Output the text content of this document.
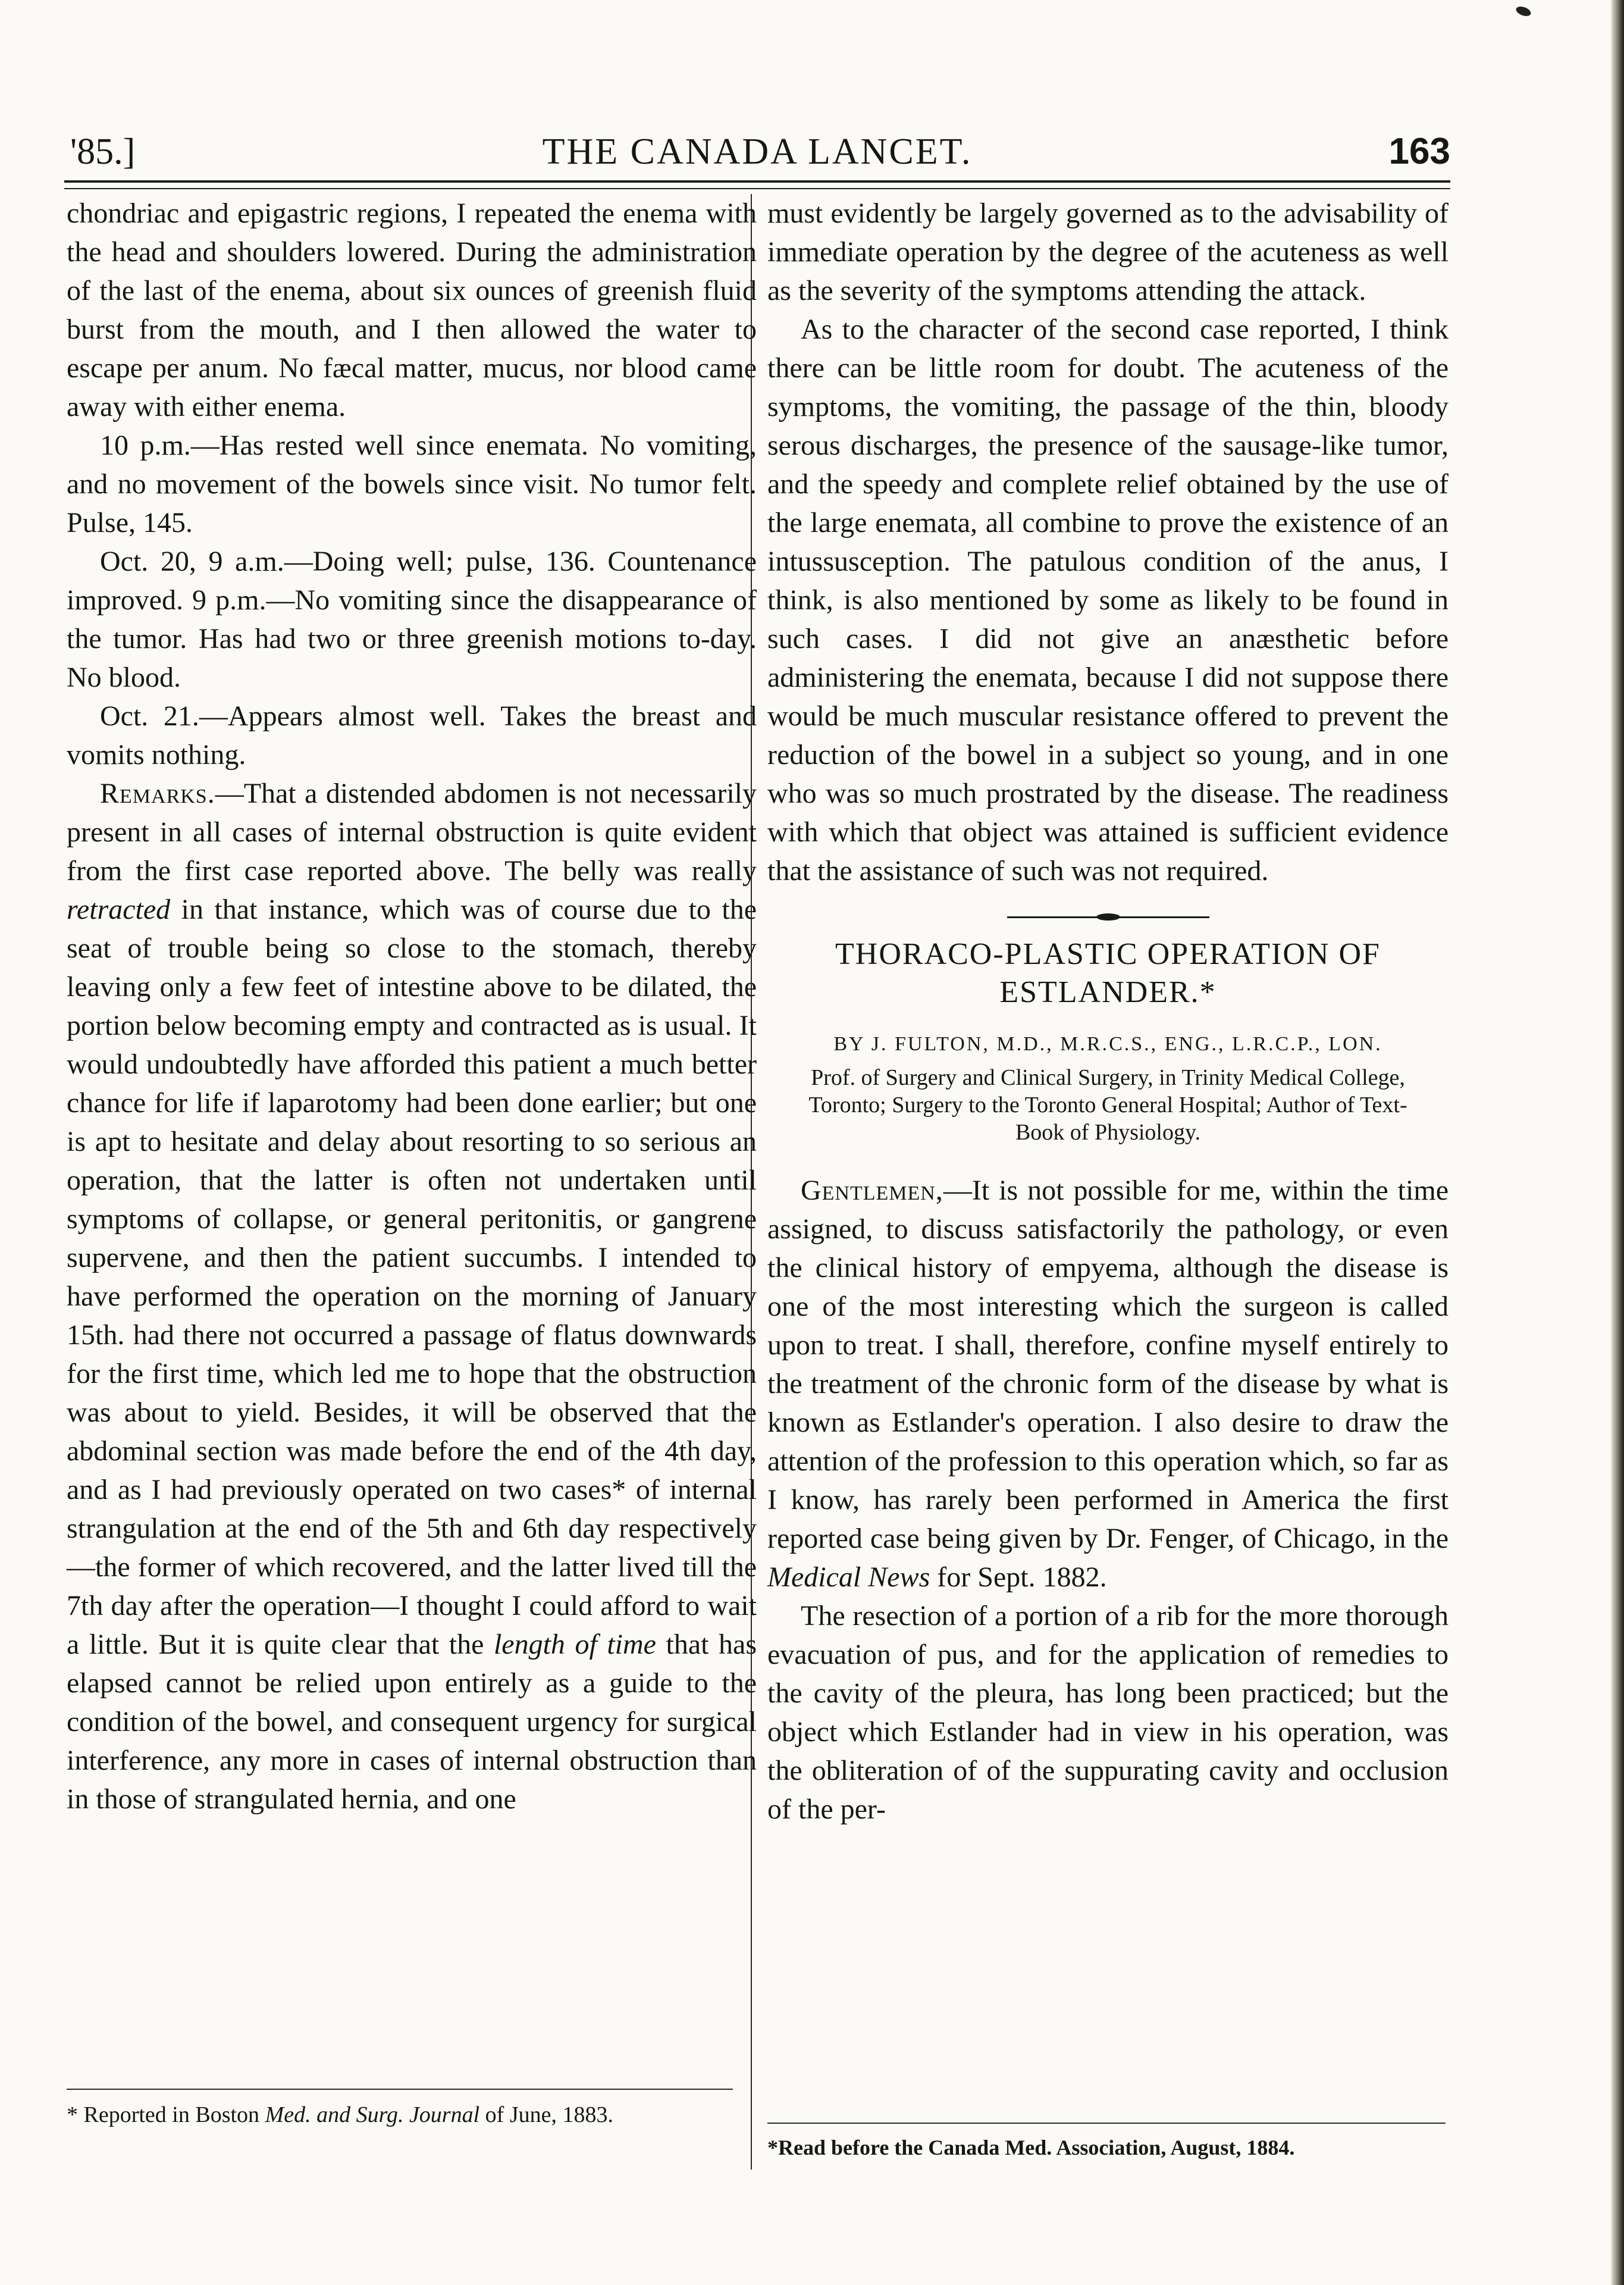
'85.]	THE CANADA LANCET.	163

chondriac and epigastric regions, I repeated the enema with the head and shoulders lowered. During the administration of the last of the enema, about six ounces of greenish fluid burst from the mouth, and I then allowed the water to escape per anum. No fæcal matter, mucus, nor blood came away with either enema.

10 p.m.—Has rested well since enemata. No vomiting, and no movement of the bowels since visit. No tumor felt. Pulse, 145.

Oct. 20, 9 a.m.—Doing well; pulse, 136. Countenance improved. 9 p.m.—No vomiting since the disappearance of the tumor. Has had two or three greenish motions to-day. No blood.

Oct. 21.—Appears almost well. Takes the breast and vomits nothing.

Remarks.—That a distended abdomen is not necessarily present in all cases of internal obstruction is quite evident from the first case reported above. The belly was really retracted in that instance, which was of course due to the seat of trouble being so close to the stomach, thereby leaving only a few feet of intestine above to be dilated, the portion below becoming empty and contracted as is usual. It would undoubtedly have afforded this patient a much better chance for life if laparotomy had been done earlier; but one is apt to hesitate and delay about resorting to so serious an operation, that the latter is often not undertaken until symptoms of collapse, or general peritonitis, or gangrene supervene, and then the patient succumbs. I intended to have performed the operation on the morning of January 15th. had there not occurred a passage of flatus downwards for the first time, which led me to hope that the obstruction was about to yield. Besides, it will be observed that the abdominal section was made before the end of the 4th day, and as I had previously operated on two cases* of internal strangulation at the end of the 5th and 6th day respectively—the former of which recovered, and the latter lived till the 7th day after the operation—I thought I could afford to wait a little. But it is quite clear that the length of time that has elapsed cannot be relied upon entirely as a guide to the condition of the bowel, and consequent urgency for surgical interference, any more in cases of internal obstruction than in those of strangulated hernia, and one

must evidently be largely governed as to the advisability of immediate operation by the degree of the acuteness as well as the severity of the symptoms attending the attack.

As to the character of the second case reported, I think there can be little room for doubt. The acuteness of the symptoms, the vomiting, the passage of the thin, bloody serous discharges, the presence of the sausage-like tumor, and the speedy and complete relief obtained by the use of the large enemata, all combine to prove the existence of an intussusception. The patulous condition of the anus, I think, is also mentioned by some as likely to be found in such cases. I did not give an anæsthetic before administering the enemata, because I did not suppose there would be much muscular resistance offered to prevent the reduction of the bowel in a subject so young, and in one who was so much prostrated by the disease. The readiness with which that object was attained is sufficient evidence that the assistance of such was not required.

THORACO-PLASTIC OPERATION OF ESTLANDER.*
BY J. FULTON, M.D., M.R.C.S., ENG., L.R.C.P., LON.
Prof. of Surgery and Clinical Surgery, in Trinity Medical College, Toronto; Surgery to the Toronto General Hospital; Author of Text-Book of Physiology.

Gentlemen,—It is not possible for me, within the time assigned, to discuss satisfactorily the pathology, or even the clinical history of empyema, although the disease is one of the most interesting which the surgeon is called upon to treat. I shall, therefore, confine myself entirely to the treatment of the chronic form of the disease by what is known as Estlander's operation. I also desire to draw the attention of the profession to this operation which, so far as I know, has rarely been performed in America the first reported case being given by Dr. Fenger, of Chicago, in the Medical News for Sept. 1882.

The resection of a portion of a rib for the more thorough evacuation of pus, and for the application of remedies to the cavity of the pleura, has long been practiced; but the object which Estlander had in view in his operation, was the obliteration of of the suppurating cavity and occlusion of the per-

* Reported in Boston Med. and Surg. Journal of June, 1883.
*Read before the Canada Med. Association, August, 1884.
